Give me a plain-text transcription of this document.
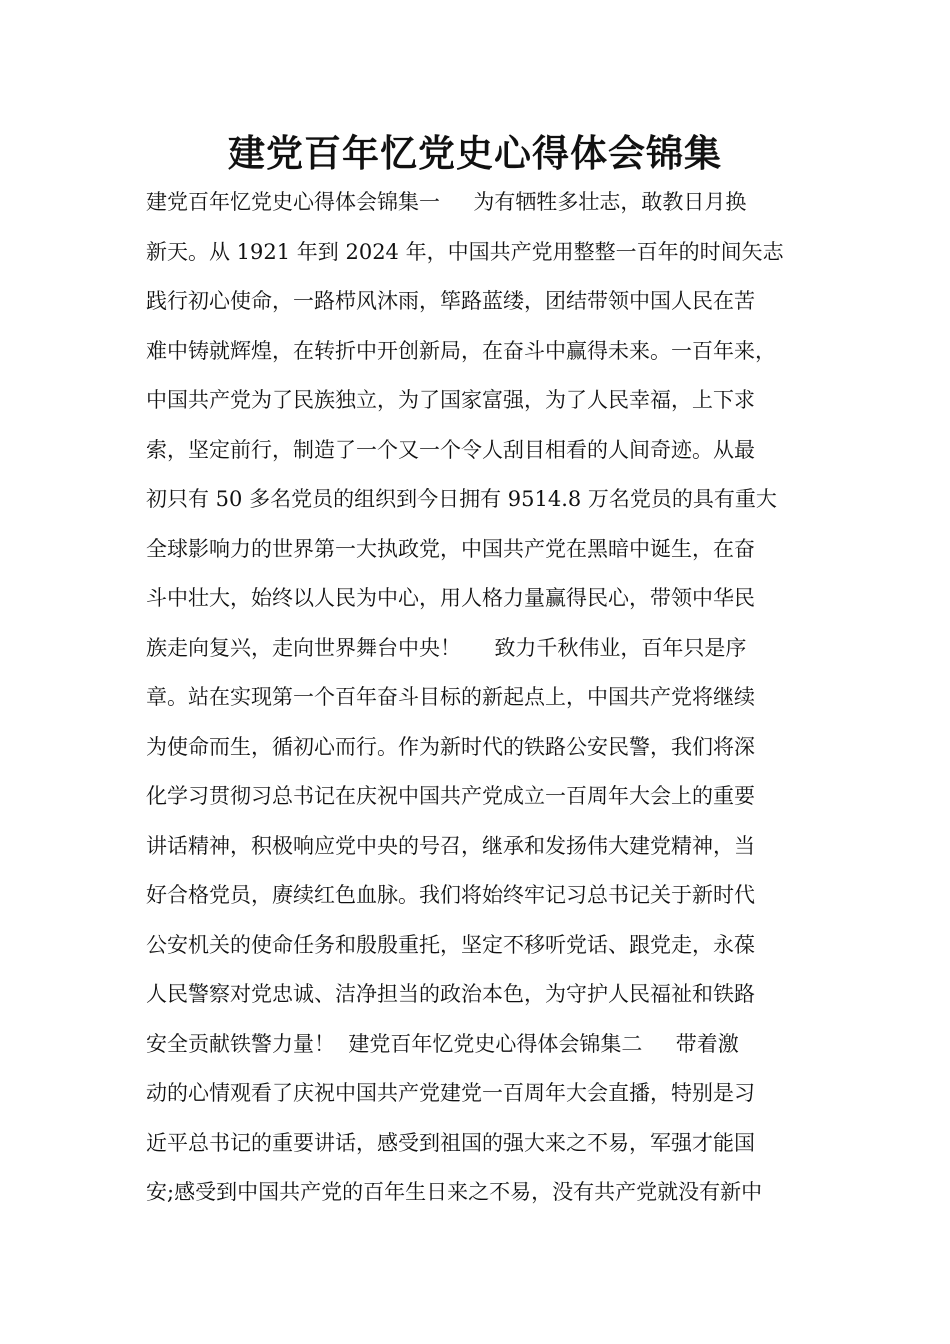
建党百年忆党史心得体会锦集
建党百年忆党史心得体会锦集一     为有牺牲多壮志，敢教日月换
新天。从 1921 年到 2024 年，中国共产党用整整一百年的时间矢志
践行初心使命，一路栉风沐雨，筚路蓝缕，团结带领中国人民在苦
难中铸就辉煌，在转折中开创新局，在奋斗中赢得未来。一百年来，
中国共产党为了民族独立，为了国家富强，为了人民幸福，上下求
索，坚定前行，制造了一个又一个令人刮目相看的人间奇迹。从最
初只有 50 多名党员的组织到今日拥有 9514.8 万名党员的具有重大
全球影响力的世界第一大执政党，中国共产党在黑暗中诞生，在奋
斗中壮大，始终以人民为中心，用人格力量赢得民心，带领中华民
族走向复兴，走向世界舞台中央！     致力千秋伟业，百年只是序
章。站在实现第一个百年奋斗目标的新起点上，中国共产党将继续
为使命而生，循初心而行。作为新时代的铁路公安民警，我们将深
化学习贯彻习总书记在庆祝中国共产党成立一百周年大会上的重要
讲话精神，积极响应党中央的号召，继承和发扬伟大建党精神，当
好合格党员，赓续红色血脉。我们将始终牢记习总书记关于新时代
公安机关的使命任务和殷殷重托，坚定不移听党话、跟党走，永葆
人民警察对党忠诚、洁净担当的政治本色，为守护人民福祉和铁路
安全贡献铁警力量！  建党百年忆党史心得体会锦集二     带着激
动的心情观看了庆祝中国共产党建党一百周年大会直播，特别是习
近平总书记的重要讲话，感受到祖国的强大来之不易，军强才能国
安;感受到中国共产党的百年生日来之不易，没有共产党就没有新中
